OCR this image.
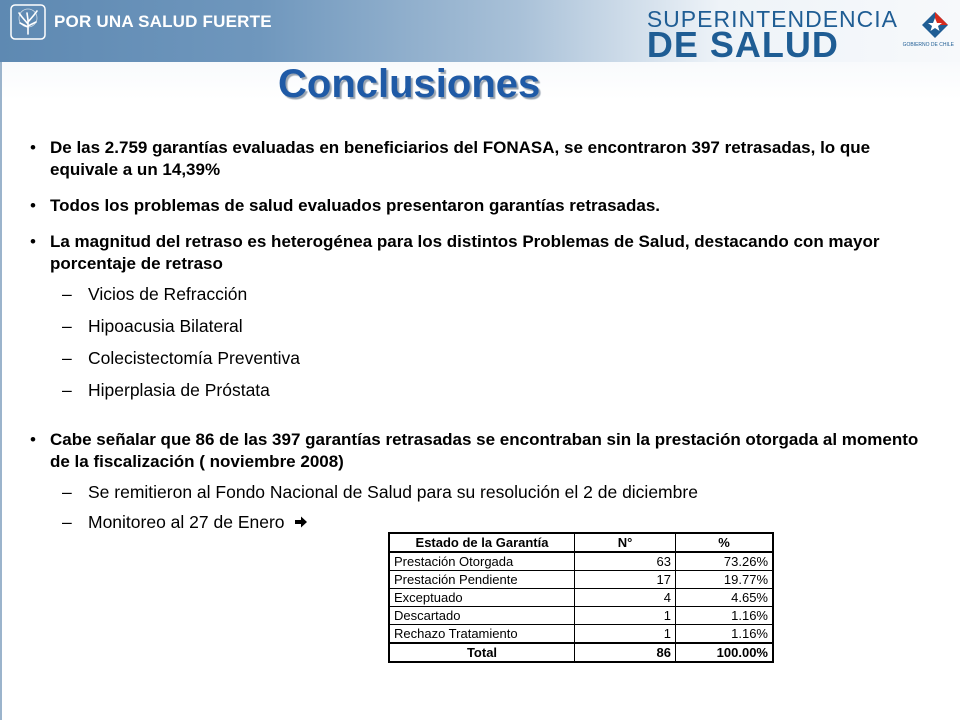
POR UNA SALUD FUERTE	SUPERINTENDENCIA
DE SALUD	GOBIERNO DE CHILE
Conclusiones
• De las 2.759 garantías evaluadas en beneficiarios del FONASA, se encontraron 397 retrasadas, lo que equivale a un 14,39%
• Todos los problemas de salud evaluados presentaron garantías retrasadas.
• La magnitud del retraso es heterogénea para los distintos Problemas de Salud, destacando con mayor porcentaje de retraso
– Vicios de Refracción
– Hipoacusia Bilateral
– Colecistectomía Preventiva
– Hiperplasia de Próstata
• Cabe señalar que 86 de las 397 garantías retrasadas se encontraban sin la prestación otorgada al momento de la fiscalización ( noviembre 2008)
– Se remitieron al Fondo Nacional de Salud para su resolución el 2 de diciembre
– Monitoreo al 27 de Enero
Estado de la Garantía	N°	%
Prestación Otorgada	63	73.26%
Prestación Pendiente	17	19.77%
Exceptuado	4	4.65%
Descartado	1	1.16%
Rechazo Tratamiento	1	1.16%
Total	86	100.00%
